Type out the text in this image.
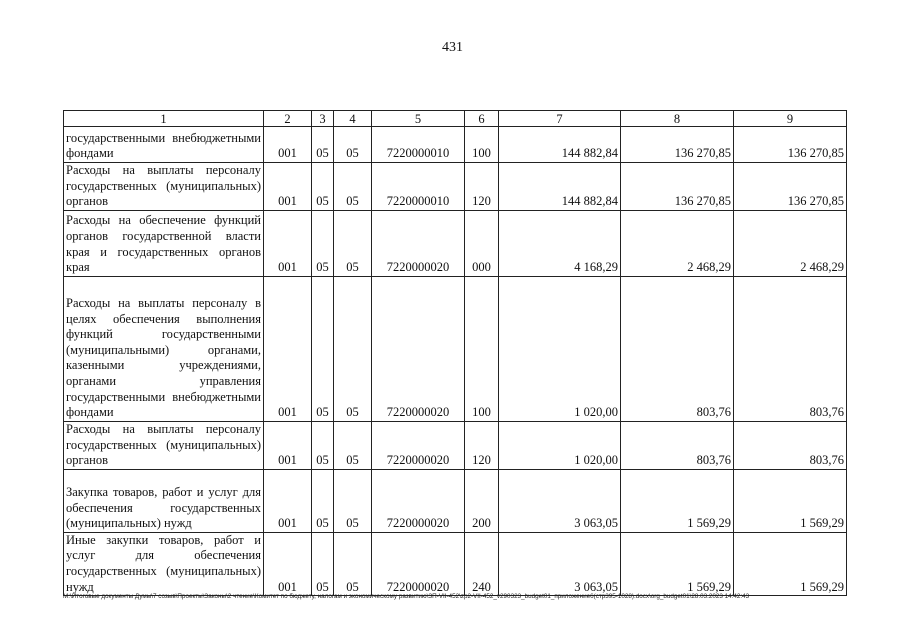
431
1	2	3	4	5	6	7	8	9
государственными внебюджетными фондами	001	05	05	7220000010	100	144 882,84	136 270,85	136 270,85
Расходы на выплаты персоналу государственных (муниципальных) органов	001	05	05	7220000010	120	144 882,84	136 270,85	136 270,85
Расходы на обеспечение функций органов государственной власти края и государственных органов края	001	05	05	7220000020	000	4 168,29	2 468,29	2 468,29
Расходы на выплаты персоналу в целях обеспечения выполнения функций государственными (муниципальными) органами, казенными учреждениями, органами управления государственными внебюджетными фондами	001	05	05	7220000020	100	1 020,00	803,76	803,76
Расходы на выплаты персоналу государственных (муниципальных) органов	001	05	05	7220000020	120	1 020,00	803,76	803,76
Закупка товаров, работ и услуг для обеспечения государственных (муниципальных) нужд	001	05	05	7220000020	200	3 063,05	1 569,29	1 569,29
Иные закупки товаров, работ и услуг для обеспечения государственных (муниципальных) нужд	001	05	05	7220000020	240	3 063,05	1 569,29	1 569,29
M:\Итоговые документы Думы\7 созыв\Проекты\Законы\2 чтение\Комитет по бюджету, налогам и экономическому развитию\ЗП-VII-452\zp2-VII-452_v290323_budget01_приложение6(стр395-1028).docx\org_budget01\28.03.2023 14:42:43
